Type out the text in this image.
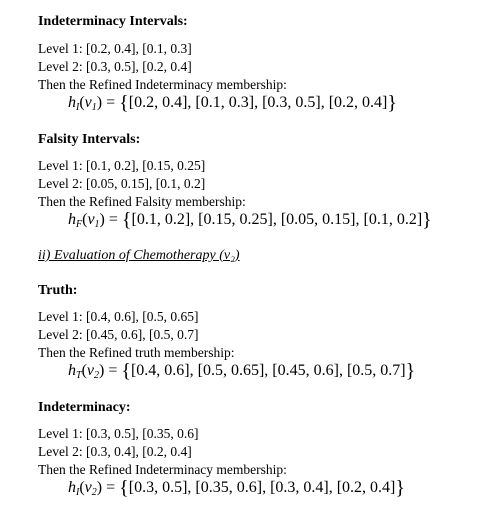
Indeterminacy Intervals:
Level 1: [0.2, 0.4], [0.1, 0.3]
Level 2: [0.3, 0.5], [0.2, 0.4]
Then the Refined Indeterminacy membership:
$h_I(v_1) = \{[0.2$, 0.4], [0.1, 0.3], [0.3, 0.5], [0.2, 0.4]}
Falsity Intervals:
Level 1: [0.1, 0.2], [0.15, 0.25]
Level 2: [0.05, 0.15], [0.1, 0.2]
Then the Refined Falsity membership:
$h_F(v_1) = \{[0.1$, 0.2], [0.15, 0.25], [0.05, 0.15], [0.1, 0.2]}
ii) Evaluation of Chemotherapy (v₂)
Truth:
Level 1: [0.4, 0.6], [0.5, 0.65]
Level 2: [0.45, 0.6], [0.5, 0.7]
Then the Refined truth membership:
$h_T(v_2) = \{[0.4$, 0.6], [0.5, 0.65], [0.45, 0.6], [0.5, 0.7]}
Indeterminacy:
Level 1: [0.3, 0.5], [0.35, 0.6]
Level 2: [0.3, 0.4], [0.2, 0.4]
Then the Refined Indeterminacy membership:
$h_I(v_2) = \{[0.3$, 0.5], [0.35, 0.6], [0.3, 0.4], [0.2, 0.4]}
